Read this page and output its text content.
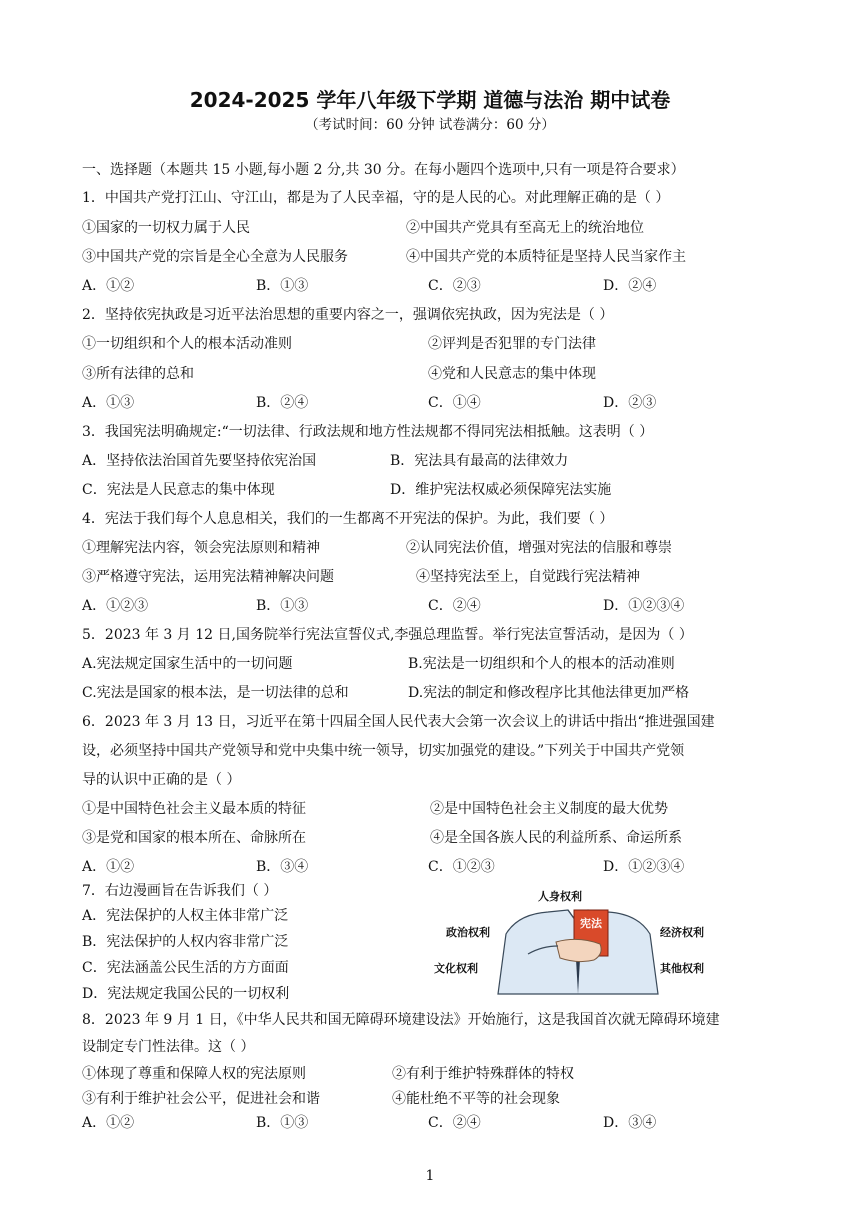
2024-2025 学年八年级下学期 道德与法治 期中试卷
（考试时间：60 分钟 试卷满分：60 分）
一、选择题（本题共 15 小题,每小题 2 分,共 30 分。在每小题四个选项中,只有一项是符合要求）
1．中国共产党打江山、守江山，都是为了人民幸福，守的是人民的心。对此理解正确的是（ ）
①国家的一切权力属于人民	②中国共产党具有至高无上的统治地位
③中国共产党的宗旨是全心全意为人民服务	④中国共产党的本质特征是坚持人民当家作主
A．①②	B．①③	C．②③	D．②④
2．坚持依宪执政是习近平法治思想的重要内容之一，强调依宪执政，因为宪法是（ ）
①一切组织和个人的根本活动准则	②评判是否犯罪的专门法律
③所有法律的总和	④党和人民意志的集中体现
A．①③	B．②④	C．①④	D．②③
3．我国宪法明确规定:“一切法律、行政法规和地方性法规都不得同宪法相抵触。这表明（ ）
A．坚持依法治国首先要坚持依宪治国	B．宪法具有最高的法律效力
C．宪法是人民意志的集中体现	D．维护宪法权威必须保障宪法实施
4．宪法于我们每个人息息相关，我们的一生都离不开宪法的保护。为此，我们要（ ）
①理解宪法内容，领会宪法原则和精神	②认同宪法价值，增强对宪法的信服和尊崇
③严格遵守宪法，运用宪法精神解决问题	④坚持宪法至上，自觉践行宪法精神
A．①②③	B．①③	C．②④	D．①②③④
5．2023 年 3 月 12 日,国务院举行宪法宣誓仪式,李强总理监誓。举行宪法宣誓活动，是因为（ ）
A.宪法规定国家生活中的一切问题	B.宪法是一切组织和个人的根本的活动准则
C.宪法是国家的根本法，是一切法律的总和	D.宪法的制定和修改程序比其他法律更加严格
6．2023 年 3 月 13 日，习近平在第十四届全国人民代表大会第一次会议上的讲话中指出“推进强国建
设，必须坚持中国共产党领导和党中央集中统一领导，切实加强党的建设。”下列关于中国共产党领
导的认识中正确的是（ ）
①是中国特色社会主义最本质的特征	②是中国特色社会主义制度的最大优势
③是党和国家的根本所在、命脉所在	④是全国各族人民的利益所系、命运所系
A．①②	B．③④	C．①②③	D．①②③④
7．右边漫画旨在告诉我们（ ）
A．宪法保护的人权主体非常广泛
B．宪法保护的人权内容非常广泛
C．宪法涵盖公民生活的方方面面
D．宪法规定我国公民的一切权利
宪法
人身权利
政治权利
文化权利
经济权利
其他权利
8．2023 年 9 月 1 日，《中华人民共和国无障碍环境建设法》开始施行，这是我国首次就无障碍环境建
设制定专门性法律。这（ ）
①体现了尊重和保障人权的宪法原则	②有利于维护特殊群体的特权
③有利于维护社会公平，促进社会和谐	④能杜绝不平等的社会现象
A．①②	B．①③	C．②④	D．③④
1
